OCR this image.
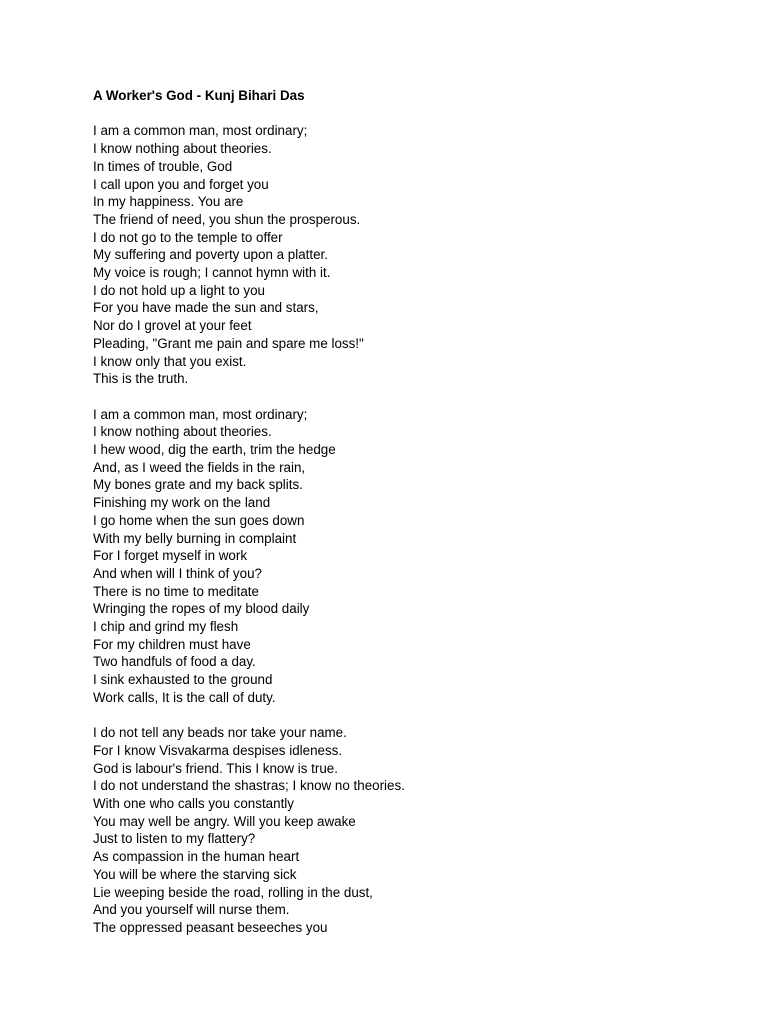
A Worker's God - Kunj Bihari Das
I am a common man, most ordinary;
I know nothing about theories.
In times of trouble, God
I call upon you and forget you
In my happiness. You are
The friend of need, you shun the prosperous.
I do not go to the temple to offer
My suffering and poverty upon a platter.
My voice is rough; I cannot hymn with it.
I do not hold up a light to you
For you have made the sun and stars,
Nor do I grovel at your feet
Pleading, "Grant me pain and spare me loss!"
I know only that you exist.
This is the truth.
I am a common man, most ordinary;
I know nothing about theories.
I hew wood, dig the earth, trim the hedge
And, as I weed the fields in the rain,
My bones grate and my back splits.
Finishing my work on the land
I go home when the sun goes down
With my belly burning in complaint
For I forget myself in work
And when will I think of you?
There is no time to meditate
Wringing the ropes of my blood daily
I chip and grind my flesh
For my children must have
Two handfuls of food a day.
I sink exhausted to the ground
Work calls, It is the call of duty.
I do not tell any beads nor take your name.
For I know Visvakarma despises idleness.
God is labour's friend. This I know is true.
I do not understand the shastras; I know no theories.
With one who calls you constantly
You may well be angry. Will you keep awake
Just to listen to my flattery?
As compassion in the human heart
You will be where the starving sick
Lie weeping beside the road, rolling in the dust,
And you yourself will nurse them.
The oppressed peasant beseeches you
